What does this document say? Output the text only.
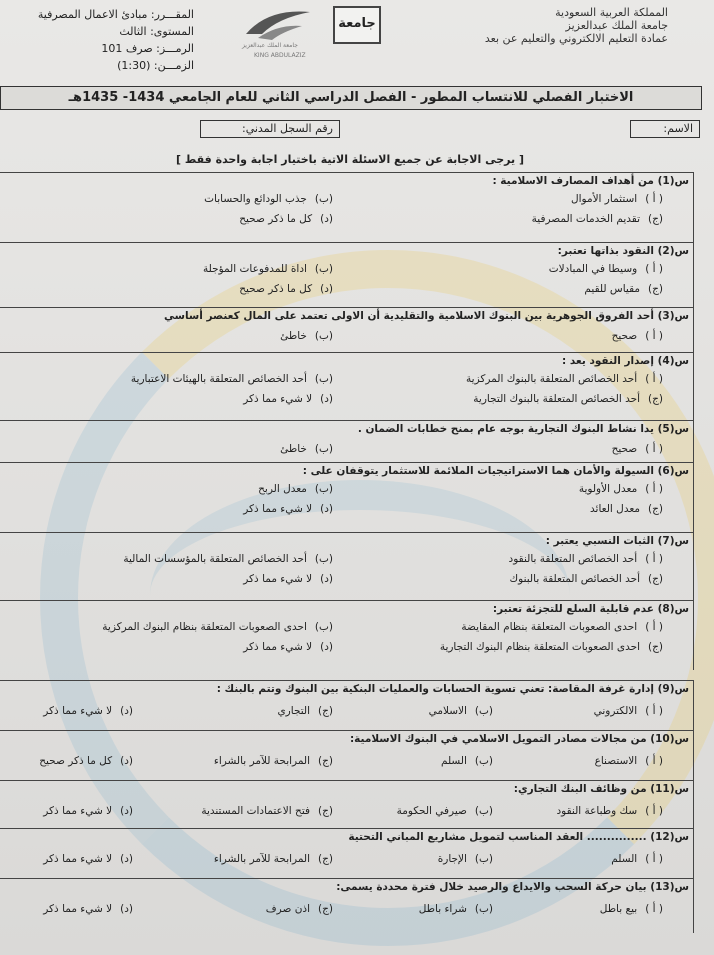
المملكة العربية السعودية
جامعة الملك عبدالعزيز
عمادة التعليم الالكتروني والتعليم عن بعد
جامعة
جامعة الملك عبدالعزيز
KING ABDULAZIZ
المقـــرر: مبادئ الاعمال المصرفية
المستوى: الثالث
الرمـــز: صرف 101
الزمـــن: (1:30)
الاختبار الفصلي للانتساب المطور - الفصل الدراسي الثاني للعام الجامعي 1434- 1435هـ
الاسم:
رقم السجل المدني:
[ يرجى الاجابة عن جميع الاسئلة الاتية باختيار اجابة واحدة فقط ]
س(1) من أهداف المصارف الاسلامية :
( أ )استثمار الأموال
(ب)جذب الودائع والحسابات
(ج)تقديم الخدمات المصرفية
(د)كل ما ذكر صحيح
س(2) النقود بذاتها تعتبر:
( أ )وسيطا في المبادلات
(ب)اداة للمدفوعات المؤجلة
(ج)مقياس للقيم
(د)كل ما ذكر صحيح
س(3) أحد الفروق الجوهرية بين البنوك الاسلامية والتقليدية أن الاولى تعتمد على المال كعنصر أساسي
( أ )صحيح
(ب)خاطئ
س(4) إصدار النقود يعد :
( أ )أحد الخصائص المتعلقة بالبنوك المركزية
(ب)أحد الخصائص المتعلقة بالهيئات الاعتبارية
(ج)أحد الخصائص المتعلقة بالبنوك التجارية
(د)لا شيء مما ذكر
س(5) يدا نشاط البنوك التجارية بوجه عام بمنح خطابات الضمان .
( أ )صحيح
(ب)خاطئ
س(6) السيولة والأمان هما الاستراتيجيات الملائمة للاستثمار يتوقفان على :
( أ )معدل الأولوية
(ب)معدل الربح
(ج)معدل العائد
(د)لا شيء مما ذكر
س(7) الثبات النسبي يعتبر :
( أ )أحد الخصائص المتعلقة بالنقود
(ب)أحد الخصائص المتعلقة بالمؤسسات المالية
(ج)أحد الخصائص المتعلقة بالبنوك
(د)لا شيء مما ذكر
س(8) عدم قابلية السلع للتجزئة تعتبر:
( أ )احدى الصعوبات المتعلقة بنظام المقايضة
(ب)احدى الصعوبات المتعلقة بنظام البنوك المركزية
(ج)احدى الصعوبات المتعلقة بنظام البنوك التجارية
(د)لا شيء مما ذكر
س(9) إدارة غرفة المقاصة: تعني تسوية الحسابات والعمليات البنكية بين البنوك وتتم بالبنك :
( أ )الالكتروني
(ب)الاسلامي
(ج)التجاري
(د)لا شيء مما ذكر
س(10) من مجالات مصادر التمويل الاسلامي في البنوك الاسلامية:
( أ )الاستصناع
(ب)السلم
(ج)المرابحة للآمر بالشراء
(د)كل ما ذكر صحيح
س(11) من وظائف البنك التجاري:
( أ )سك وطباعة النقود
(ب)صيرفي الحكومة
(ج)فتح الاعتمادات المستندية
(د)لا شيء مما ذكر
س(12) ............... العقد المناسب لتمويل مشاريع المباني التحتية
( أ )السلم
(ب)الإجارة
(ج)المرابحة للآمر بالشراء
(د)لا شيء مما ذكر
س(13) بيان حركة السحب والايداع والرصيد خلال فترة محددة يسمى:
( أ )بيع باطل
(ب)شراء باطل
(ج)اذن صرف
(د)لا شيء مما ذكر
